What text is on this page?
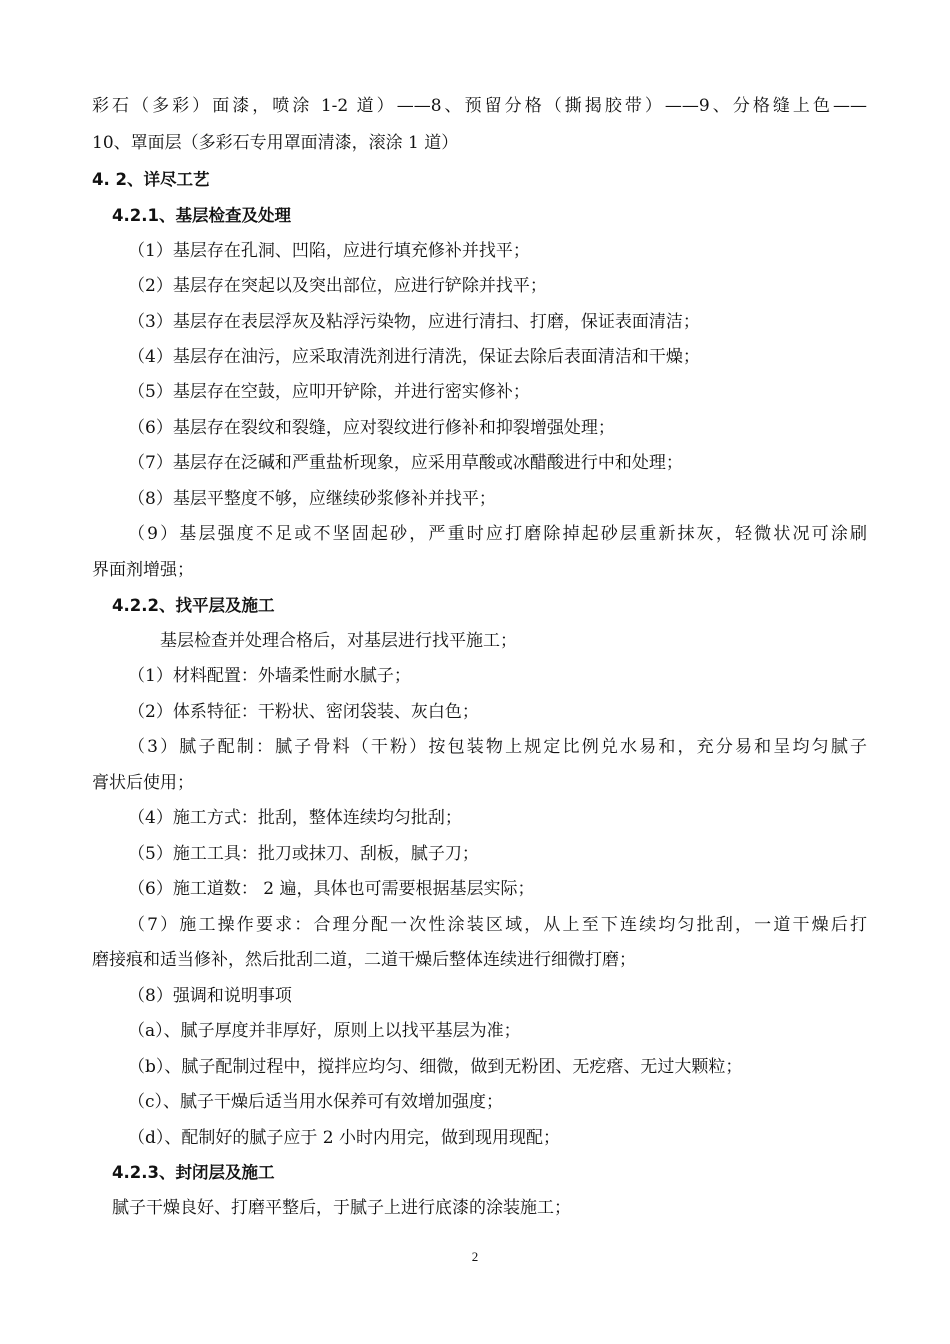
彩石（多彩）面漆，喷涂 1-2 道）——8、预留分格（撕揭胶带）——9、分格缝上色——
10、罩面层（多彩石专用罩面清漆，滚涂 1 道）
4. 2、详尽工艺
4.2.1、基层检查及处理
（1）基层存在孔洞、凹陷，应进行填充修补并找平；
（2）基层存在突起以及突出部位，应进行铲除并找平；
（3）基层存在表层浮灰及粘浮污染物，应进行清扫、打磨，保证表面清洁；
（4）基层存在油污，应采取清洗剂进行清洗，保证去除后表面清洁和干燥；
（5）基层存在空鼓，应叩开铲除，并进行密实修补；
（6）基层存在裂纹和裂缝，应对裂纹进行修补和抑裂增强处理；
（7）基层存在泛碱和严重盐析现象，应采用草酸或冰醋酸进行中和处理；
（8）基层平整度不够，应继续砂浆修补并找平；
（9）基层强度不足或不坚固起砂，严重时应打磨除掉起砂层重新抹灰，轻微状况可涂刷
界面剂增强；
4.2.2、找平层及施工
基层检查并处理合格后，对基层进行找平施工；
（1）材料配置：外墙柔性耐水腻子；
（2）体系特征：干粉状、密闭袋装、灰白色；
（3）腻子配制：腻子骨料（干粉）按包装物上规定比例兑水易和，充分易和呈均匀腻子
膏状后使用；
（4）施工方式：批刮，整体连续均匀批刮；
（5）施工工具：批刀或抹刀、刮板，腻子刀；
（6）施工道数： 2 遍，具体也可需要根据基层实际；
（7）施工操作要求：合理分配一次性涂装区域，从上至下连续均匀批刮，一道干燥后打
磨接痕和适当修补，然后批刮二道，二道干燥后整体连续进行细微打磨；
（8）强调和说明事项
（a）、腻子厚度并非厚好，原则上以找平基层为准；
（b）、腻子配制过程中，搅拌应均匀、细微，做到无粉团、无疙瘩、无过大颗粒；
（c）、腻子干燥后适当用水保养可有效增加强度；
（d）、配制好的腻子应于 2 小时内用完，做到现用现配；
4.2.3、封闭层及施工
腻子干燥良好、打磨平整后，于腻子上进行底漆的涂装施工；
2
